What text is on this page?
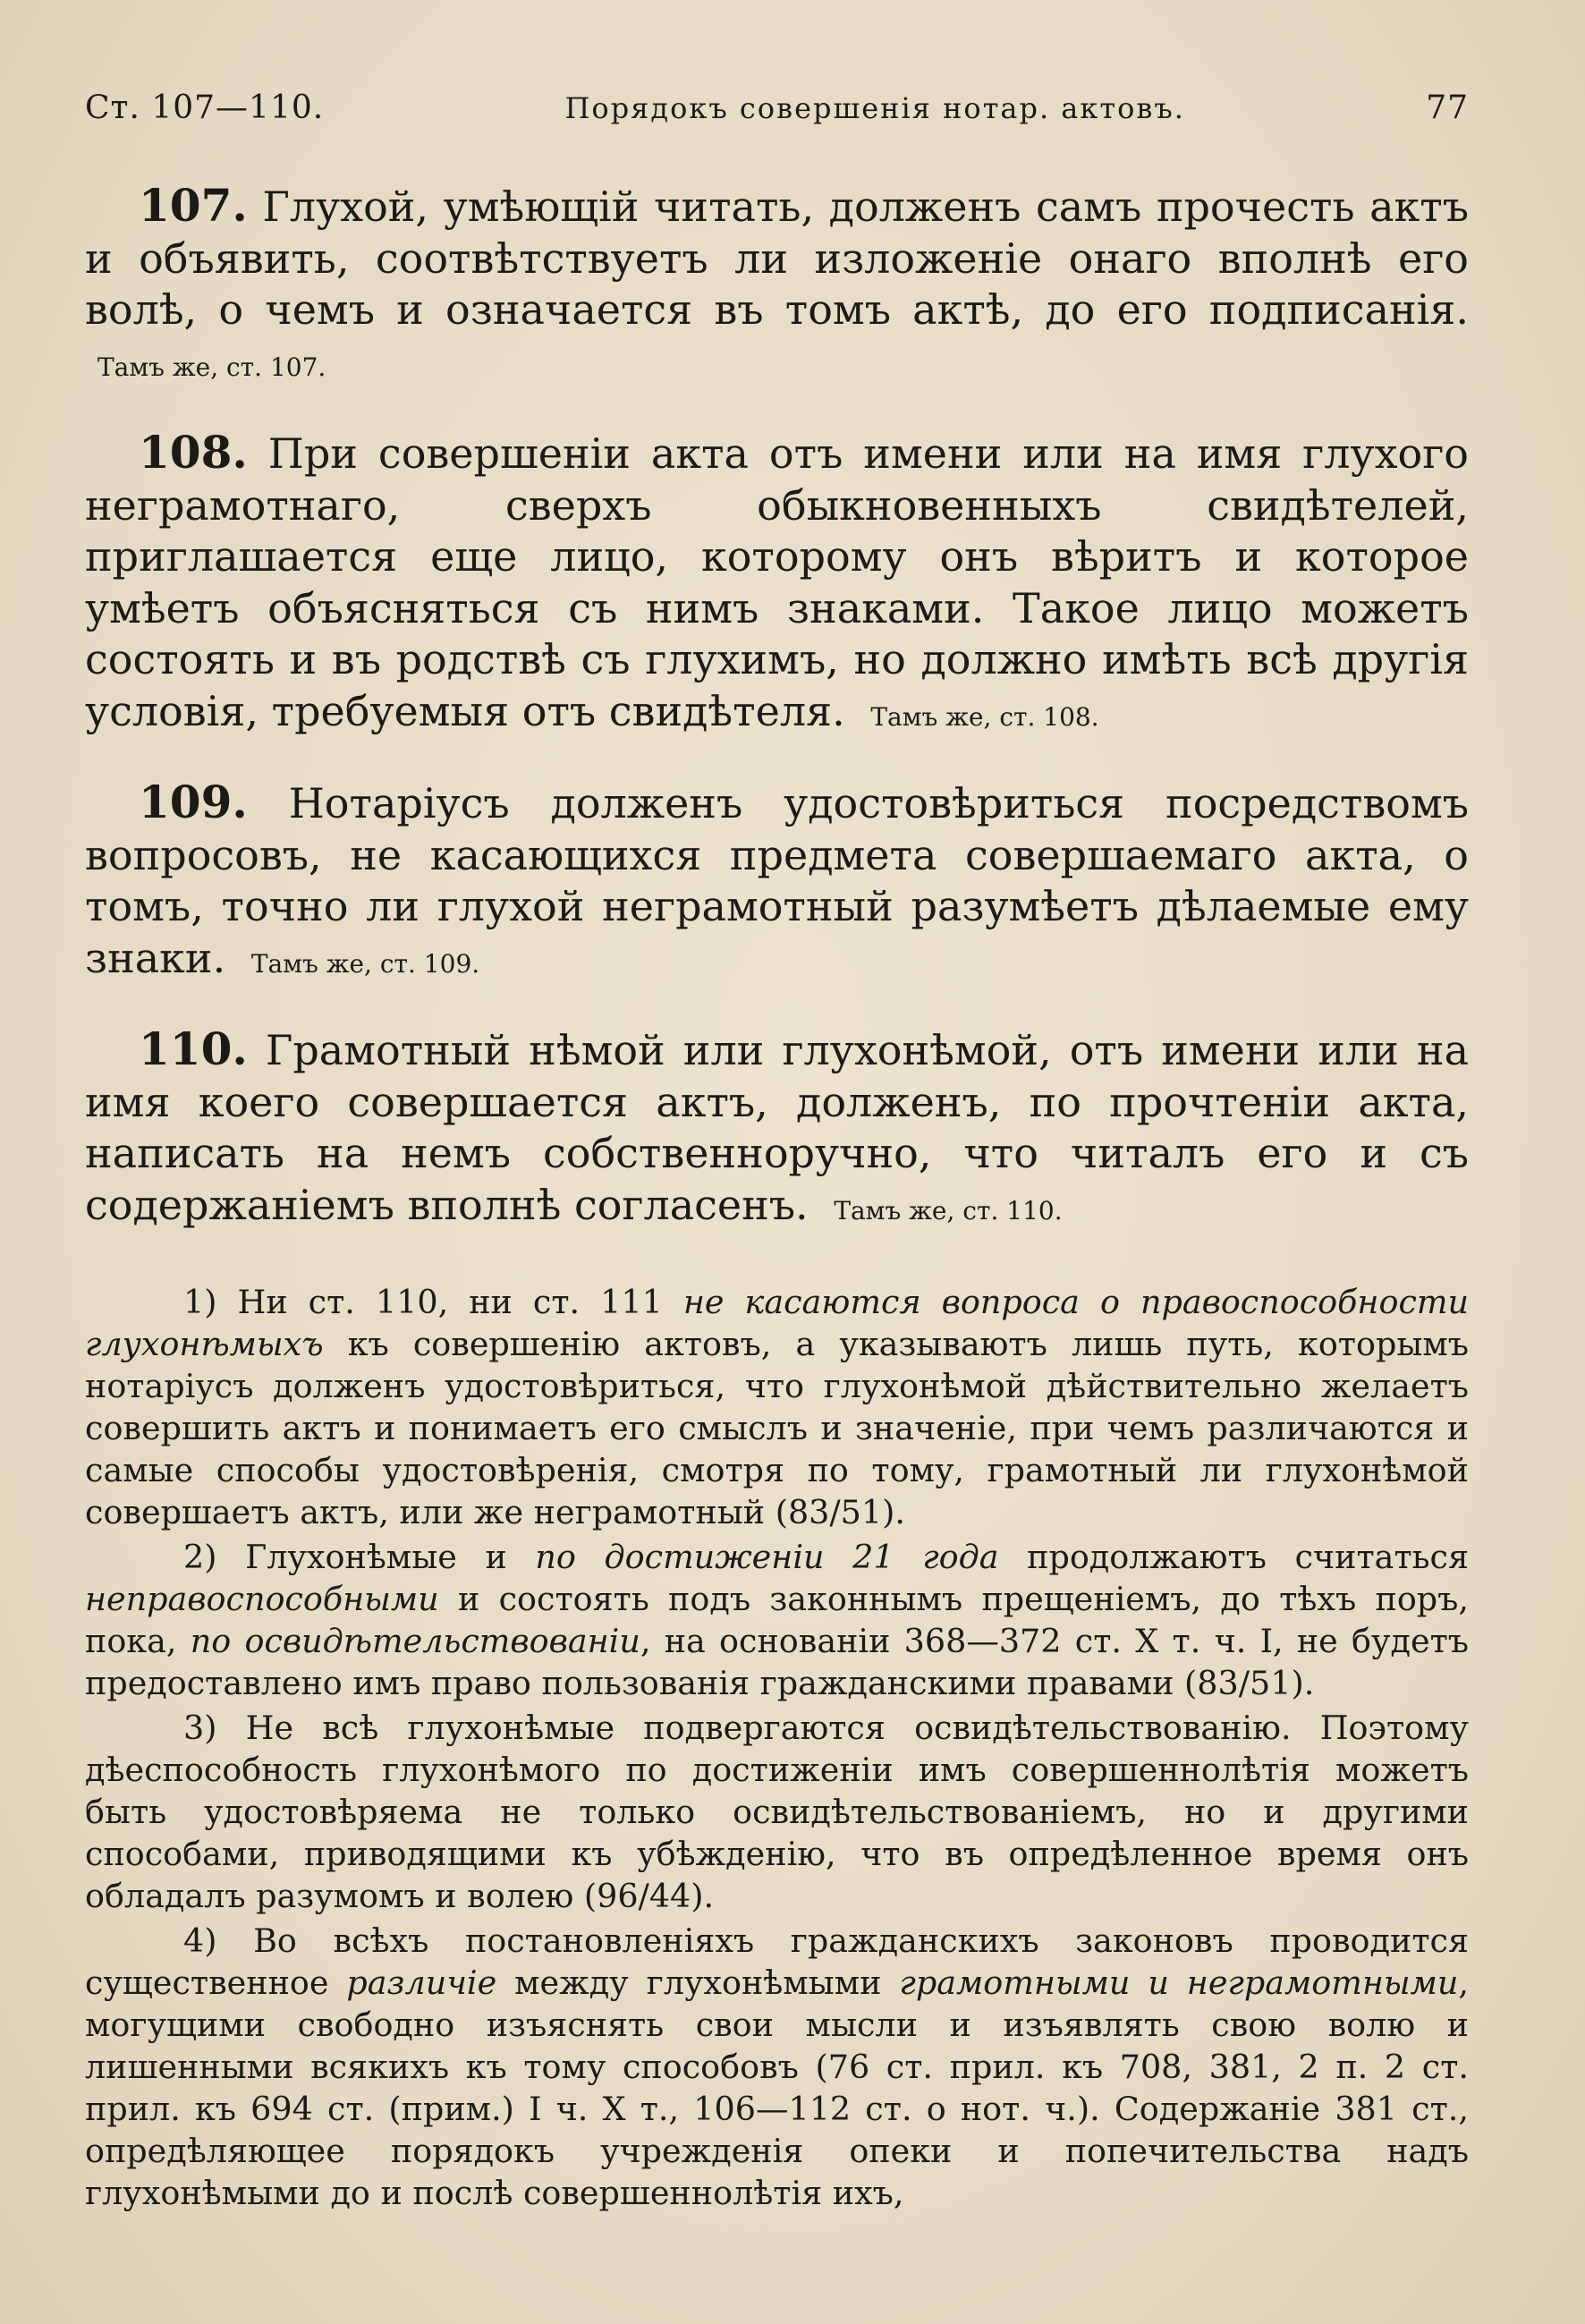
Ст. 107—110.	Порядокъ совершенія нотар. актовъ.	77

107. Глухой, умѣющій читать, долженъ самъ прочесть актъ и объявить, соотвѣтствуетъ ли изложеніе онаго вполнѣ его волѣ, о чемъ и означается въ томъ актѣ, до его подписанія. Тамъ же, ст. 107.

108. При совершеніи акта отъ имени или на имя глухого неграмотнаго, сверхъ обыкновенныхъ свидѣтелей, приглашается еще лицо, которому онъ вѣритъ и которое умѣетъ объясняться съ нимъ знаками. Такое лицо можетъ состоять и въ родствѣ съ глухимъ, но должно имѣть всѣ другія условія, требуемыя отъ свидѣтеля. Тамъ же, ст. 108.

109. Нотаріусъ долженъ удостовѣриться посредствомъ вопросовъ, не касающихся предмета совершаемаго акта, о томъ, точно ли глухой неграмотный разумѣетъ дѣлаемые ему знаки. Тамъ же, ст. 109.

110. Грамотный нѣмой или глухонѣмой, отъ имени или на имя коего совершается актъ, долженъ, по прочтеніи акта, написать на немъ собственноручно, что читалъ его и съ содержаніемъ вполнѣ согласенъ. Тамъ же, ст. 110.

1) Ни ст. 110, ни ст. 111 не касаются вопроса о правоспособности глухонѣмыхъ къ совершенію актовъ, а указываютъ лишь путь, которымъ нотаріусъ долженъ удостовѣриться, что глухонѣмой дѣйствительно желаетъ совершить актъ и понимаетъ его смыслъ и значеніе, при чемъ различаются и самые способы удостовѣренія, смотря по тому, грамотный ли глухонѣмой совершаетъ актъ, или же неграмотный (83/51).

2) Глухонѣмые и по достиженіи 21 года продолжаютъ считаться неправоспособными и состоять подъ законнымъ прещеніемъ, до тѣхъ поръ, пока, по освидѣтельствованіи, на основаніи 368—372 ст. X т. ч. I, не будетъ предоставлено имъ право пользованія гражданскими правами (83/51).

3) Не всѣ глухонѣмые подвергаются освидѣтельствованію. Поэтому дѣеспособность глухонѣмого по достиженіи имъ совершеннолѣтія можетъ быть удостовѣряема не только освидѣтельствованіемъ, но и другими способами, приводящими къ убѣжденію, что въ опредѣленное время онъ обладалъ разумомъ и волею (96/44).

4) Во всѣхъ постановленіяхъ гражданскихъ законовъ проводится существенное различіе между глухонѣмыми грамотными и неграмотными, могущими свободно изъяснять свои мысли и изъявлять свою волю и лишенными всякихъ къ тому способовъ (76 ст. прил. къ 708, 381, 2 п. 2 ст. прил. къ 694 ст. (прим.) I ч. X т., 106—112 ст. о нот. ч.). Содержаніе 381 ст., опредѣляющее порядокъ учрежденія опеки и попечительства надъ глухонѣмыми до и послѣ совершеннолѣтія ихъ,
